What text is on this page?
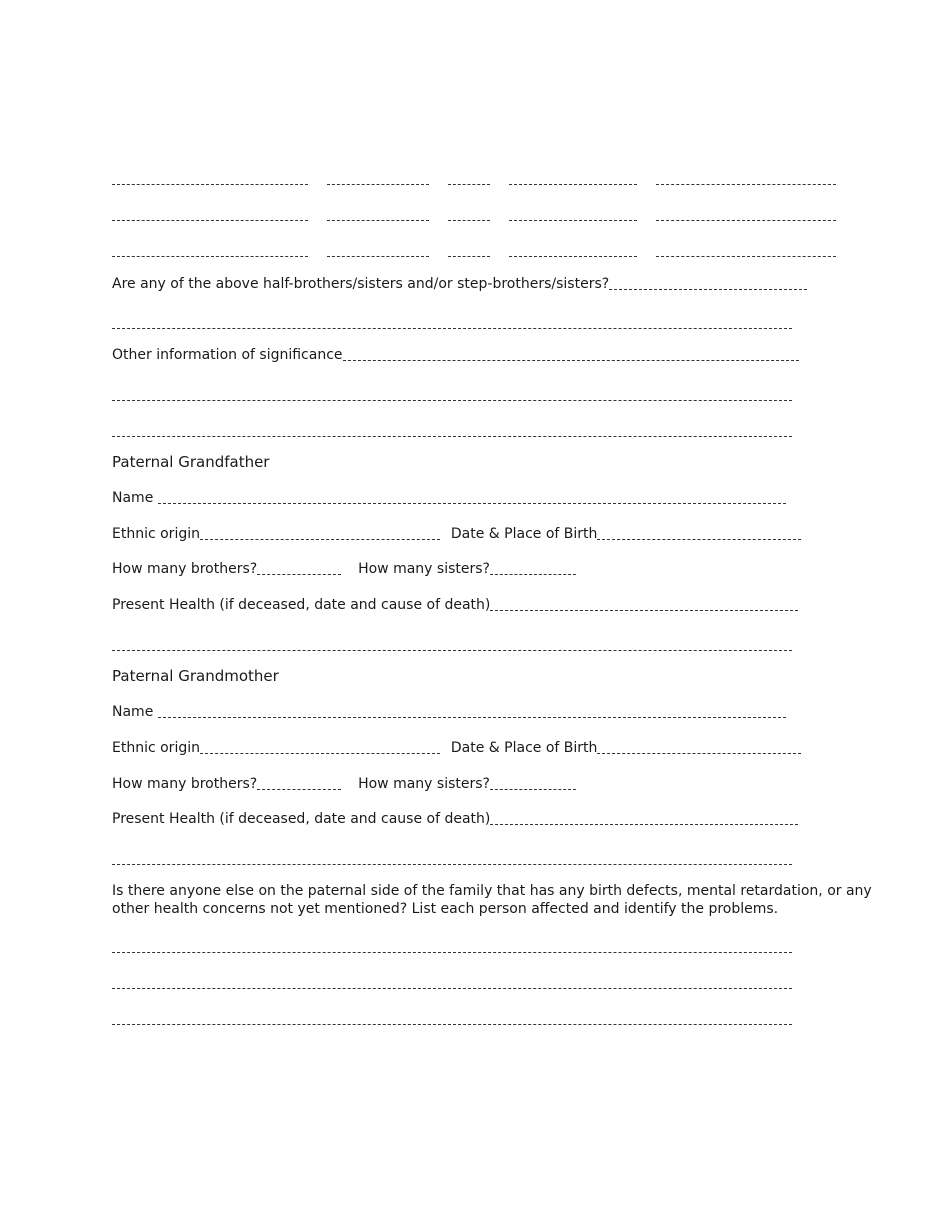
Are any of the above half-brothers/sisters and/or step-brothers/sisters?
Other information of significance
Paternal Grandfather
Name
Ethnic origin	Date & Place of Birth
How many brothers?	How many sisters?
Present Health (if deceased, date and cause of death)
Paternal Grandmother
Name
Ethnic origin	Date & Place of Birth
How many brothers?	How many sisters?
Present Health (if deceased, date and cause of death)
Is there anyone else on the paternal side of the family that has any birth defects, mental retardation, or any other health concerns not yet mentioned? List each person affected and identify the problems.
